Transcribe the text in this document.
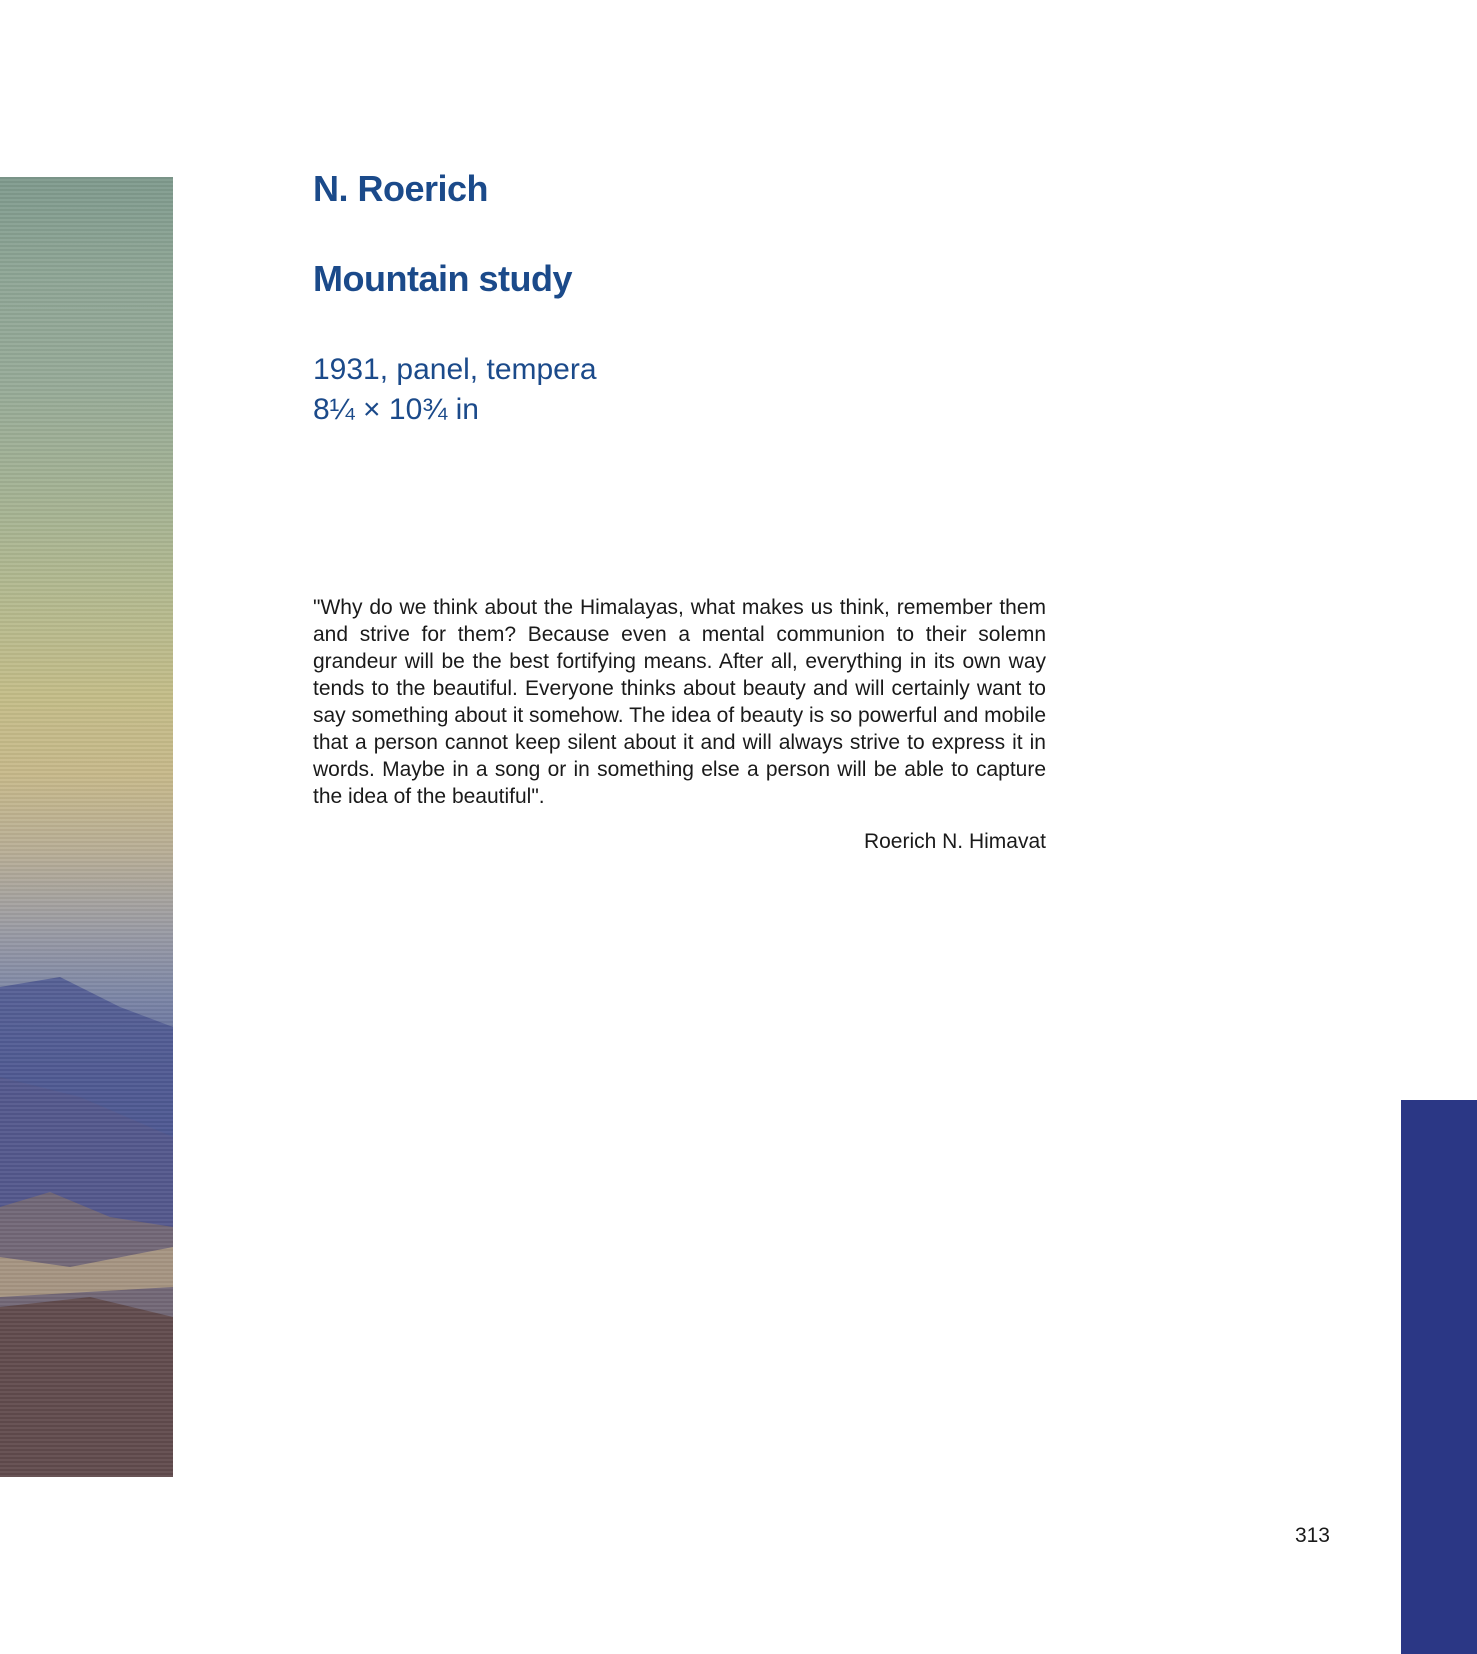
N. Roerich
Mountain study
1931, panel, tempera
8¼ × 10¾ in

"Why do we think about the Himalayas, what makes us think, remember them and strive for them? Because even a mental communion to their solemn grandeur will be the best fortifying means. After all, everything in its own way tends to the beautiful. Everyone thinks about beauty and will certainly want to say something about it somehow. The idea of beauty is so powerful and mobile that a person cannot keep silent about it and will always strive to express it in words. Maybe in a song or in something else a person will be able to capture the idea of the beautiful".

Roerich N. Himavat
313
